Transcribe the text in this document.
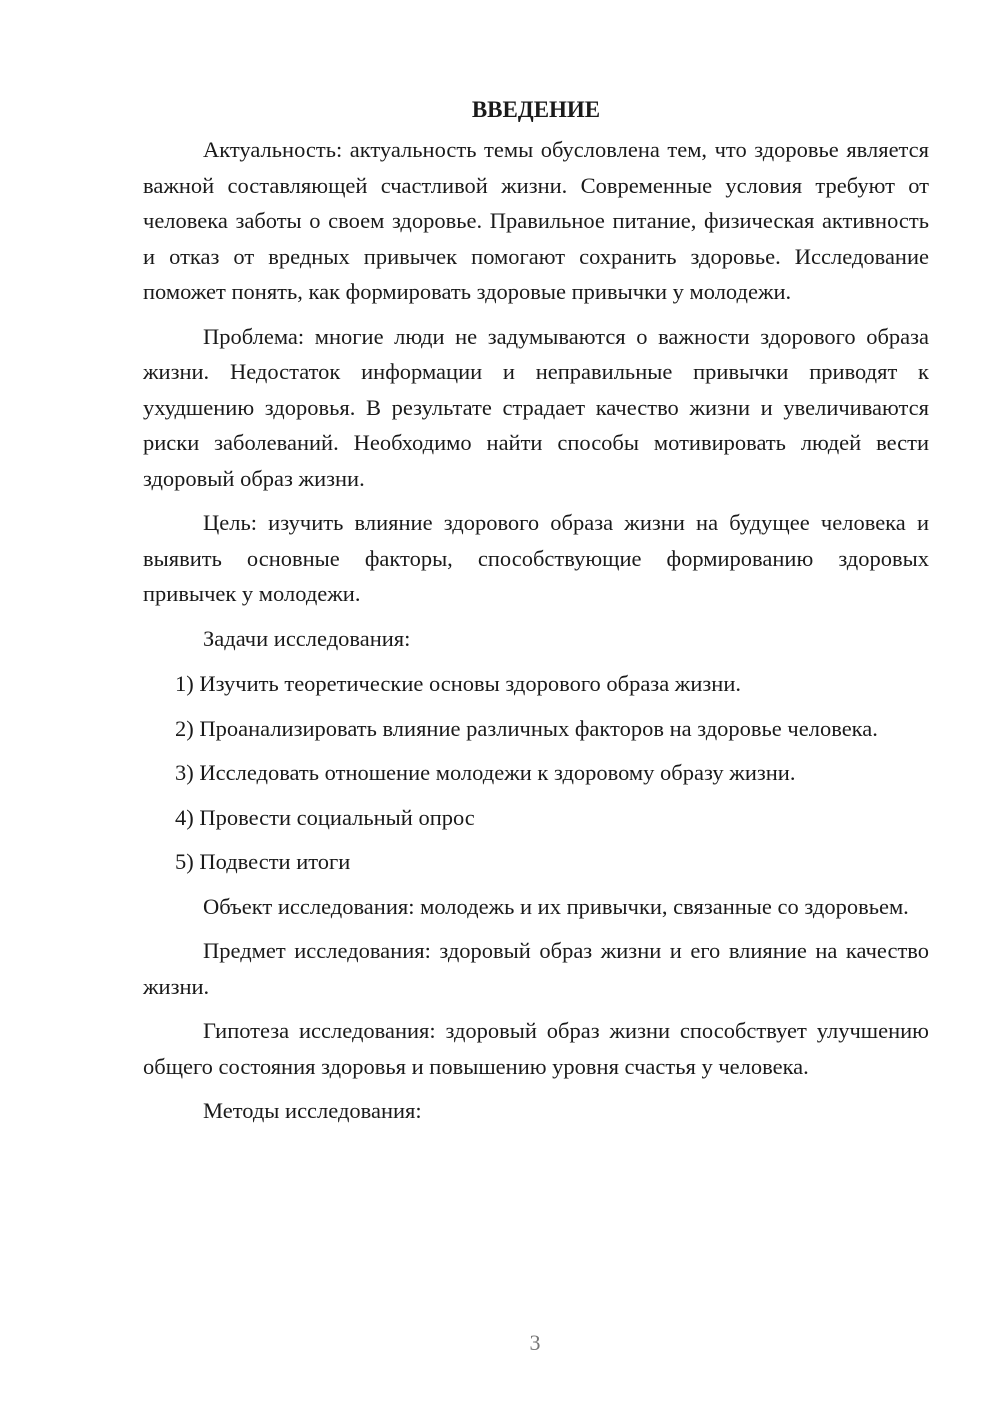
ВВЕДЕНИЕ

Актуальность: актуальность темы обусловлена тем, что здоровье является важной составляющей счастливой жизни. Современные условия требуют от человека заботы о своем здоровье. Правильное питание, физическая активность и отказ от вредных привычек помогают сохранить здоровье. Исследование поможет понять, как формировать здоровые привычки у молодежи.

Проблема: многие люди не задумываются о важности здорового образа жизни. Недостаток информации и неправильные привычки приводят к ухудшению здоровья. В результате страдает качество жизни и увеличиваются риски заболеваний. Необходимо найти способы мотивировать людей вести здоровый образ жизни.

Цель: изучить влияние здорового образа жизни на будущее человека и выявить основные факторы, способствующие формированию здоровых привычек у молодежи.

Задачи исследования:

1) Изучить теоретические основы здорового образа жизни.

2) Проанализировать влияние различных факторов на здоровье человека.

3) Исследовать отношение молодежи к здоровому образу жизни.

4) Провести социальный опрос

5) Подвести итоги

Объект исследования: молодежь и их привычки, связанные со здоровьем.

Предмет исследования: здоровый образ жизни и его влияние на качество жизни.

Гипотеза исследования: здоровый образ жизни способствует улучшению общего состояния здоровья и повышению уровня счастья у человека.

Методы исследования:

3
